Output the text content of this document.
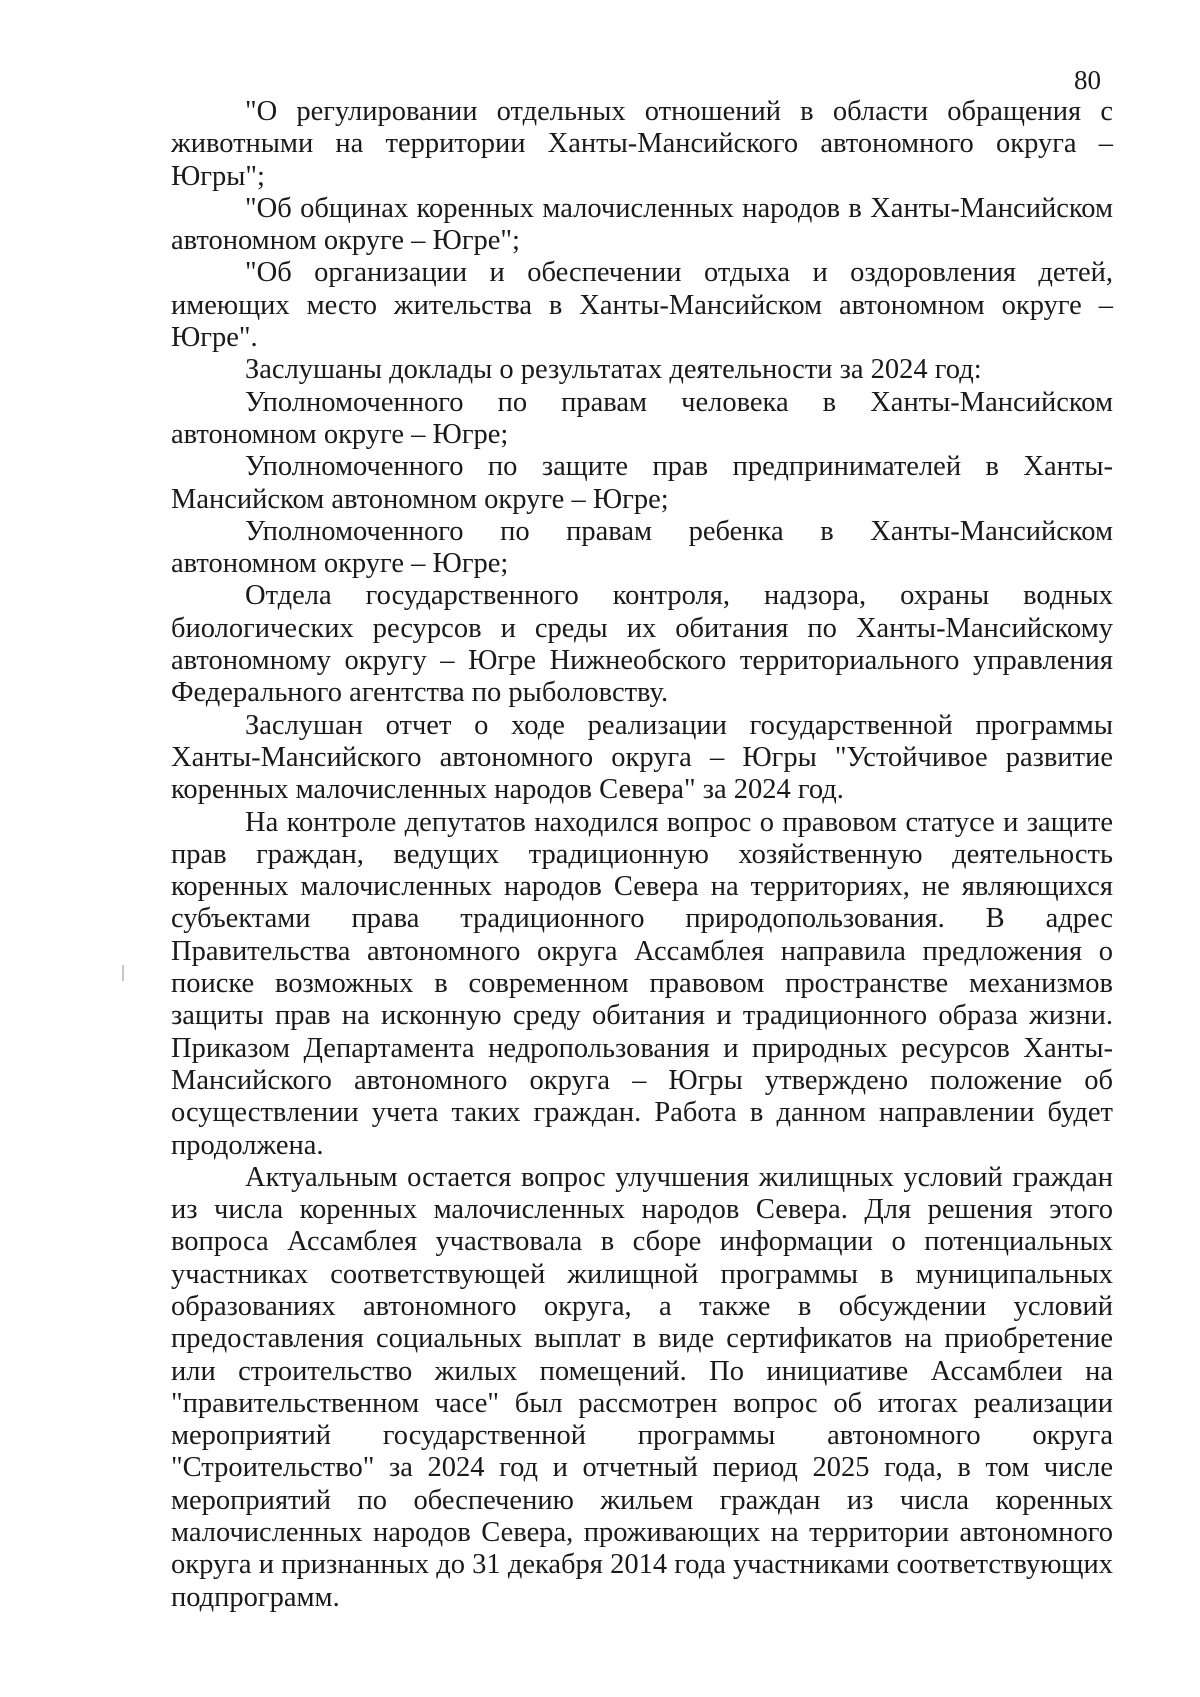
80

"О регулировании отдельных отношений в области обращения с животными на территории Ханты-Мансийского автономного округа – Югры";

"Об общинах коренных малочисленных народов в Ханты-Мансийском автономном округе – Югре";

"Об организации и обеспечении отдыха и оздоровления детей, имеющих место жительства в Ханты-Мансийском автономном округе – Югре".

Заслушаны доклады о результатах деятельности за 2024 год:

Уполномоченного по правам человека в Ханты-Мансийском автономном округе – Югре;

Уполномоченного по защите прав предпринимателей в Ханты-Мансийском автономном округе – Югре;

Уполномоченного по правам ребенка в Ханты-Мансийском автономном округе – Югре;

Отдела государственного контроля, надзора, охраны водных биологических ресурсов и среды их обитания по Ханты-Мансийскому автономному округу – Югре Нижнеобского территориального управления Федерального агентства по рыболовству.

Заслушан отчет о ходе реализации государственной программы Ханты-Мансийского автономного округа – Югры "Устойчивое развитие коренных малочисленных народов Севера" за 2024 год.

На контроле депутатов находился вопрос о правовом статусе и защите прав граждан, ведущих традиционную хозяйственную деятельность коренных малочисленных народов Севера на территориях, не являющихся субъектами права традиционного природопользования. В адрес Правительства автономного округа Ассамблея направила предложения о поиске возможных в современном правовом пространстве механизмов защиты прав на исконную среду обитания и традиционного образа жизни. Приказом Департамента недропользования и природных ресурсов Ханты-Мансийского автономного округа – Югры утверждено положение об осуществлении учета таких граждан. Работа в данном направлении будет продолжена.

Актуальным остается вопрос улучшения жилищных условий граждан из числа коренных малочисленных народов Севера. Для решения этого вопроса Ассамблея участвовала в сборе информации о потенциальных участниках соответствующей жилищной программы в муниципальных образованиях автономного округа, а также в обсуждении условий предоставления социальных выплат в виде сертификатов на приобретение или строительство жилых помещений. По инициативе Ассамблеи на "правительственном часе" был рассмотрен вопрос об итогах реализации мероприятий государственной программы автономного округа "Строительство" за 2024 год и отчетный период 2025 года, в том числе мероприятий по обеспечению жильем граждан из числа коренных малочисленных народов Севера, проживающих на территории автономного округа и признанных до 31 декабря 2014 года участниками соответствующих подпрограмм.
